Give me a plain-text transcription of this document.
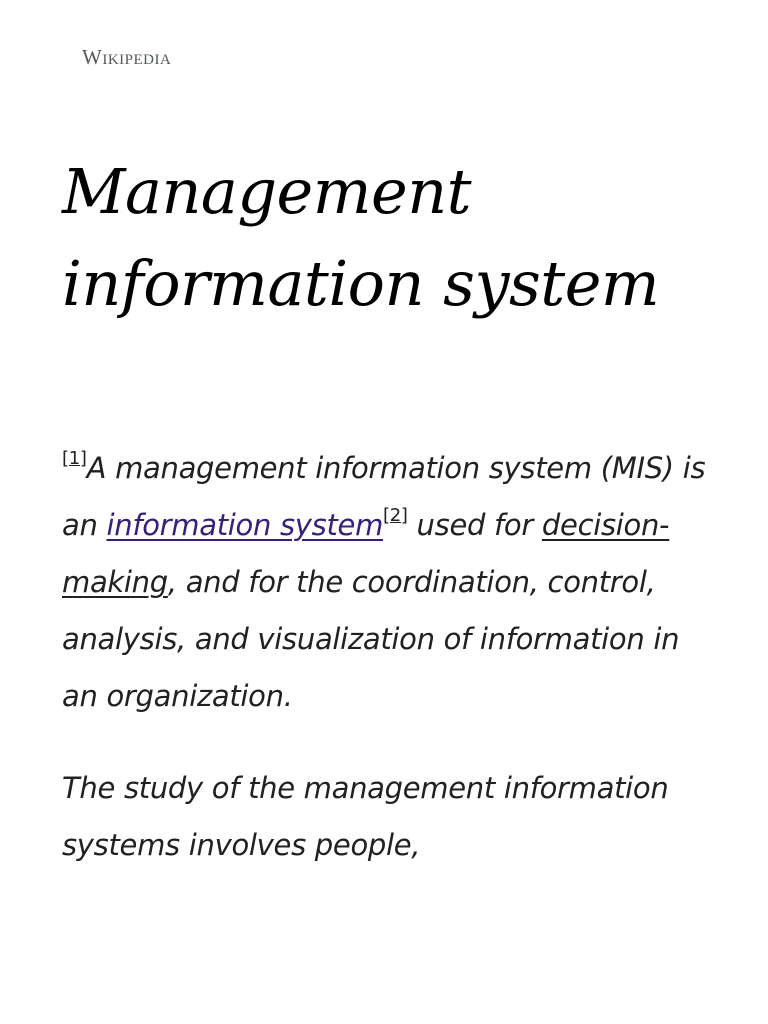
Wikipedia
Management information system

[1]A management information system (MIS) is an information system[2] used for decision-making, and for the coordination, control, analysis, and visualization of information in an organization.

The study of the management information systems involves people,
